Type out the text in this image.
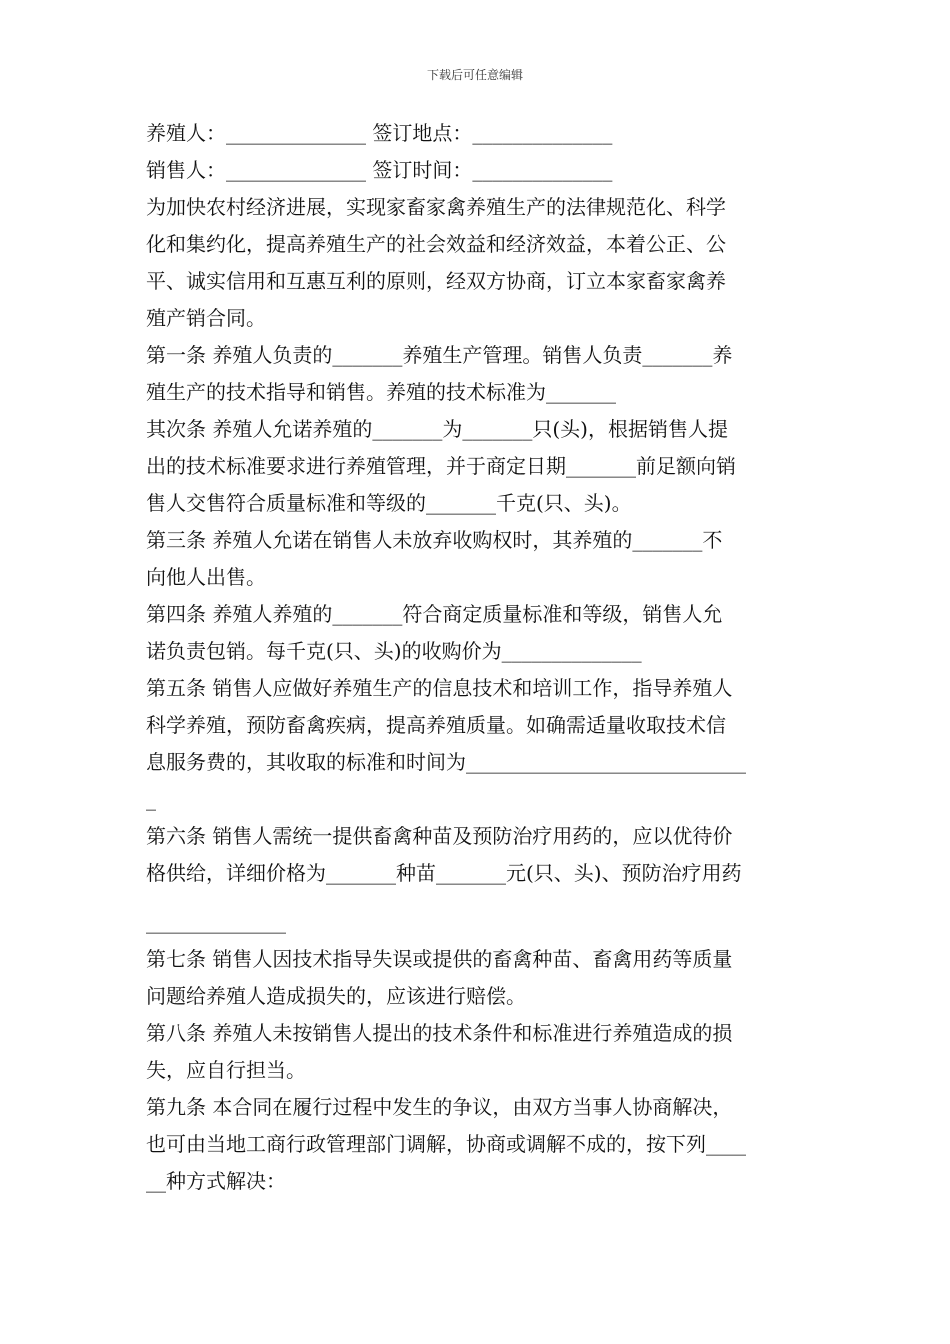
下载后可任意编辑
养殖人：______________ 签订地点：______________
销售人：______________ 签订时间：______________
为加快农村经济进展，实现家畜家禽养殖生产的法律规范化、科学
化和集约化，提高养殖生产的社会效益和经济效益，本着公正、公
平、诚实信用和互惠互利的原则，经双方协商，订立本家畜家禽养
殖产销合同。
第一条 养殖人负责的_______养殖生产管理。销售人负责_______养
殖生产的技术指导和销售。养殖的技术标准为_______
其次条 养殖人允诺养殖的_______为_______只(头)，根据销售人提
出的技术标准要求进行养殖管理，并于商定日期_______前足额向销
售人交售符合质量标准和等级的_______千克(只、头)。
第三条 养殖人允诺在销售人未放弃收购权时，其养殖的_______不
向他人出售。
第四条 养殖人养殖的_______符合商定质量标准和等级，销售人允
诺负责包销。每千克(只、头)的收购价为______________
第五条 销售人应做好养殖生产的信息技术和培训工作，指导养殖人
科学养殖，预防畜禽疾病，提高养殖质量。如确需适量收取技术信
息服务费的，其收取的标准和时间为____________________________
_
第六条 销售人需统一提供畜禽种苗及预防治疗用药的，应以优待价
格供给，详细价格为_______种苗_______元(只、头)、预防治疗用药
______________
第七条 销售人因技术指导失误或提供的畜禽种苗、畜禽用药等质量
问题给养殖人造成损失的，应该进行赔偿。
第八条 养殖人未按销售人提出的技术条件和标准进行养殖造成的损
失，应自行担当。
第九条 本合同在履行过程中发生的争议，由双方当事人协商解决，
也可由当地工商行政管理部门调解，协商或调解不成的，按下列____
__种方式解决：
